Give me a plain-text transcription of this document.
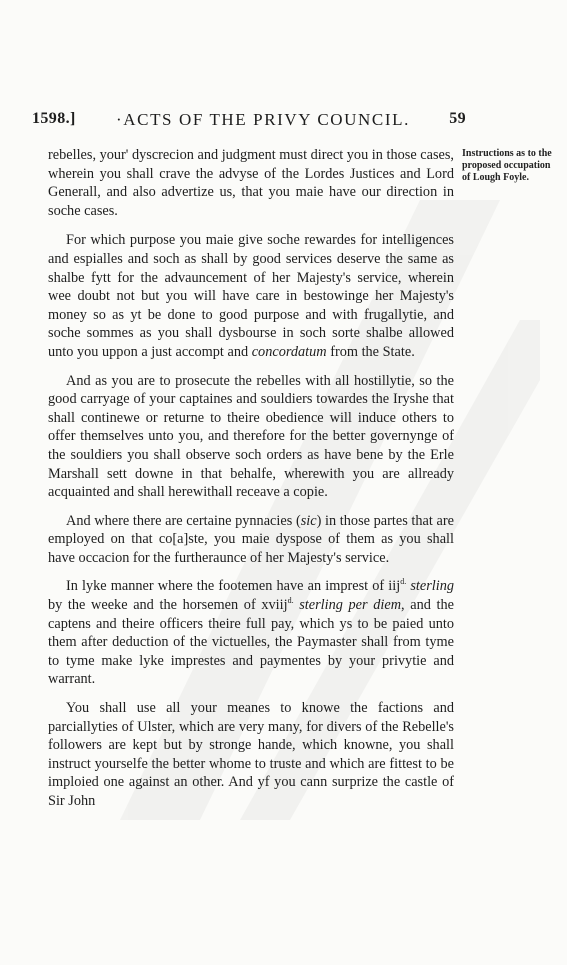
1598.] ·ACTS OF THE PRIVY COUNCIL. 59
Instructions as to the proposed occupation of Lough Foyle.

rebelles, your' dyscrecion and judgment must direct you in those cases, wherein you shall crave the advyse of the Lordes Justices and Lord Generall, and also advertize us, that you maie have our direction in soche cases.

For which purpose you maie give soche rewardes for intelligences and espialles and soch as shall by good services deserve the same as shalbe fytt for the advauncement of her Majesty's service, wherein wee doubt not but you will have care in bestowinge her Majesty's money so as yt be done to good purpose and with frugallytie, and soche sommes as you shall dysbourse in soch sorte shalbe allowed unto you uppon a just accompt and concordatum from the State.

And as you are to prosecute the rebelles with all hostillytie, so the good carryage of your captaines and souldiers towardes the Iryshe that shall continewe or returne to theire obedience will induce others to offer themselves unto you, and therefore for the better governynge of the souldiers you shall observe soch orders as have bene by the Erle Marshall sett downe in that behalfe, wherewith you are allready acquainted and shall herewithall receave a copie.

And where there are certaine pynnacies (sic) in those partes that are employed on that co[a]ste, you maie dyspose of them as you shall have occacion for the furtheraunce of her Majesty's service.

In lyke manner where the footemen have an imprest of iij$^{d.}$ sterling by the weeke and the horsemen of xviij$^{d.}$ sterling per diem, and the captens and theire officers theire full pay, which ys to be paied unto them after deduction of the victuelles, the Paymaster shall from tyme to tyme make lyke imprestes and paymentes by your privytie and warrant.

You shall use all your meanes to knowe the factions and parciallyties of Ulster, which are very many, for divers of the Rebelle's followers are kept but by stronge hande, which knowne, you shall instruct yourselfe the better whome to truste and which are fittest to be imploied one against an other. And yf you cann surprize the castle of Sir John
